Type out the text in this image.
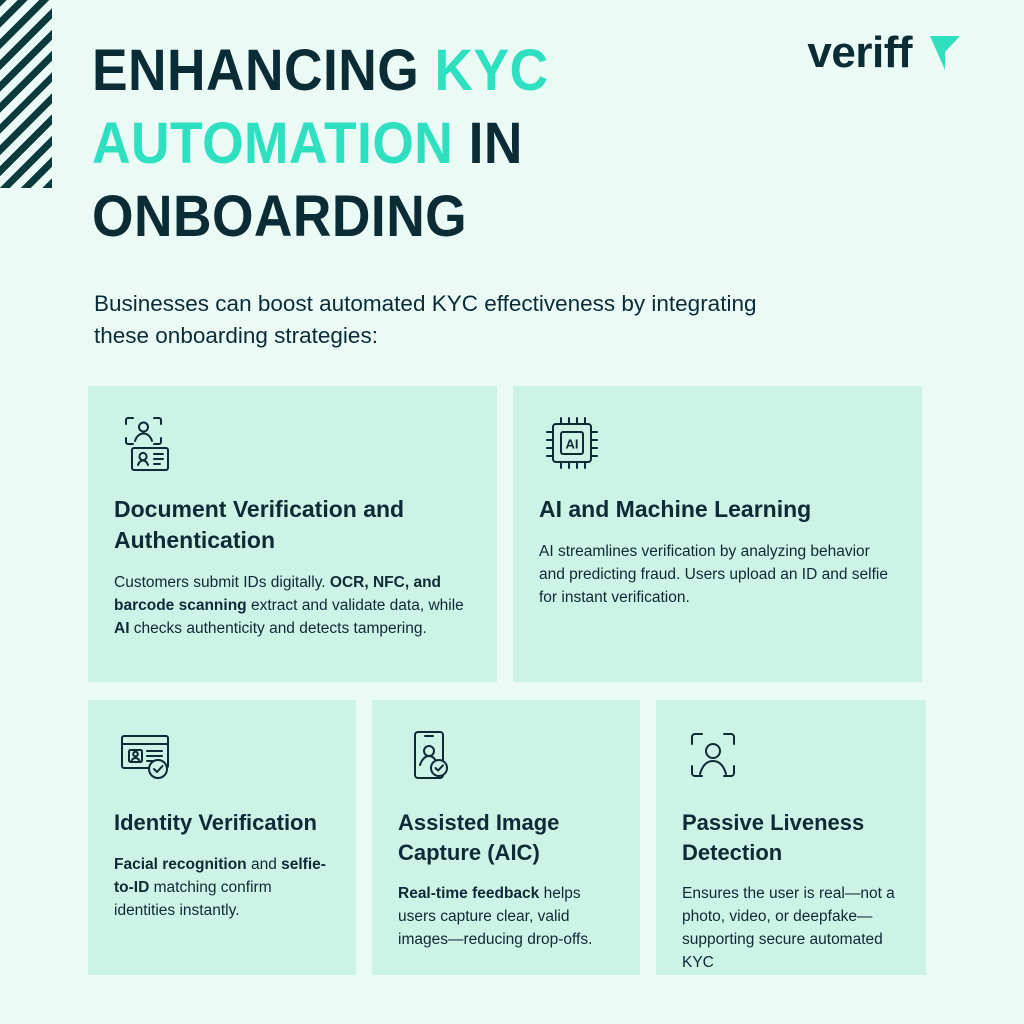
veriff
ENHANCING KYC
AUTOMATION IN
ONBOARDING

Businesses can boost automated KYC effectiveness by integrating these onboarding strategies:

Document Verification and Authentication
Customers submit IDs digitally. OCR, NFC, and barcode scanning extract and validate data, while AI checks authenticity and detects tampering.
AI
AI and Machine Learning
AI streamlines verification by analyzing behavior and predicting fraud. Users upload an ID and selfie for instant verification.
Identity Verification
Facial recognition and selfie-to-ID matching confirm identities instantly.
Assisted Image Capture (AIC)
Real-time feedback helps users capture clear, valid images—reducing drop-offs.
Passive Liveness Detection
Ensures the user is real—not a photo, video, or deepfake—supporting secure automated KYC
